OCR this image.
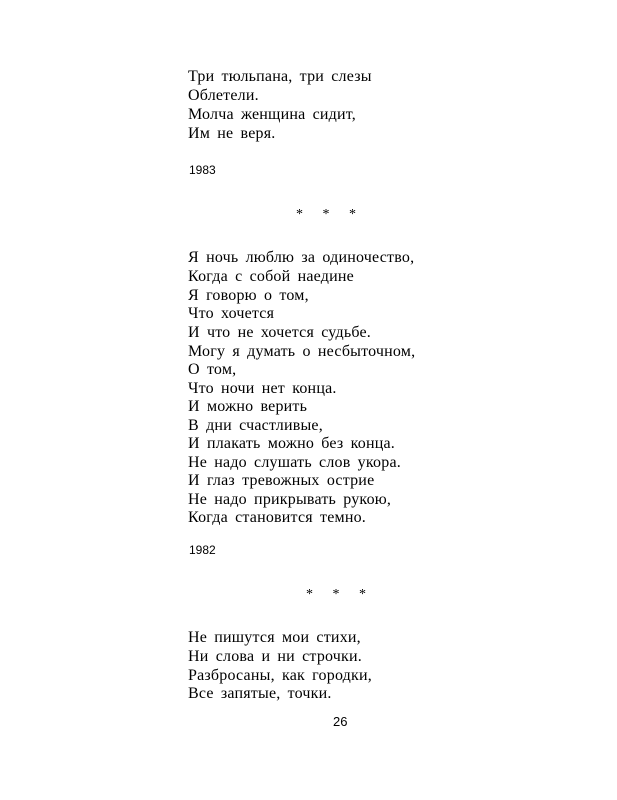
Три тюльпана, три слезы
Облетели.
Молча женщина сидит,
Им не веря.
1983
* * *
Я ночь люблю за одиночество,
Когда с собой наедине
Я говорю о том,
Что хочется
И что не хочется судьбе.
Могу я думать о несбыточном,
О том,
Что ночи нет конца.
И можно верить
В дни счастливые,
И плакать можно без конца.
Не надо слушать слов укора.
И глаз тревожных острие
Не надо прикрывать рукою,
Когда становится темно.
1982
* * *
Не пишутся мои стихи,
Ни слова и ни строчки.
Разбросаны, как городки,
Все запятые, точки.
26
